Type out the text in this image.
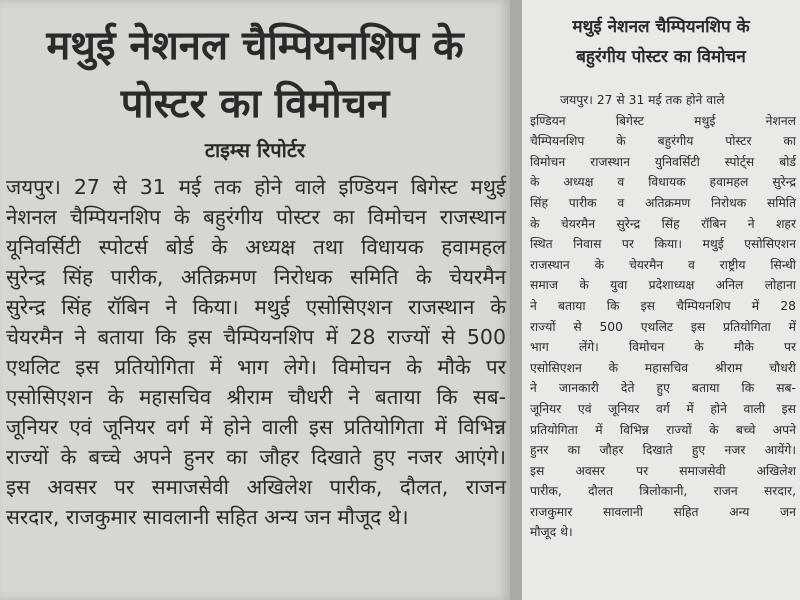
मथुई नेशनल चैम्पियनशिप के
पोस्टर का विमोचन
टाइम्स रिपोर्टर
जयपुर। 27 से 31 मई तक होने वाले इण्डियन बिगेस्ट मथुई
नेशनल चैम्पियनशिप के बहुरंगीय पोस्टर का विमोचन राजस्थान
यूनिवर्सिटी स्पोटर्स बोर्ड के अध्यक्ष तथा विधायक हवामहल
सुरेन्द्र सिंह पारीक, अतिक्रमण निरोधक समिति के चेयरमैन
सुरेन्द्र सिंह रॉबिन ने किया। मथुई एसोसिएशन राजस्थान के
चेयरमैन ने बताया कि इस चैम्पियनशिप में 28 राज्यों से 500
एथलिट इस प्रतियोगिता में भाग लेगे। विमोचन के मौके पर
एसोसिएशन के महासचिव श्रीराम चौधरी ने बताया कि सब-
जूनियर एवं जूनियर वर्ग में होने वाली इस प्रतियोगिता में विभिन्न
राज्यों के बच्चे अपने हुनर का जौहर दिखाते हुए नजर आएंगे।
इस अवसर पर समाजसेवी अखिलेश पारीक, दौलत, राजन
सरदार, राजकुमार सावलानी सहित अन्य जन मौजूद थे।
मथुई नेशनल चैम्पियनशिप के
बहुरंगीय पोस्टर का विमोचन
जयपुर। 27 से 31 मई तक होने वाले
इण्डियन बिगेस्ट मथुई नेशनल
चैम्पियनशिप के बहुरंगीय पोस्टर का
विमोचन राजस्थान युनिवर्सिटी स्पोर्ट्स बोर्ड
के अध्यक्ष व विधायक हवामहल सुरेन्द्र
सिंह पारीक व अतिक्रमण निरोधक समिति
के चेयरमैन सुरेन्द्र सिंह रॉबिन ने शहर
स्थित निवास पर किया। मथुई एसोसिएशन
राजस्थान के चेयरमैन व राष्ट्रीय सिन्धी
समाज के युवा प्रदेशाध्यक्ष अनिल लोहाना
ने बताया कि इस चैम्पियनशिप में 28
राज्यों से 500 एथलिट इस प्रतियोगिता में
भाग लेंगे। विमोचन के मौके पर
एसोसिएशन के महासचिव श्रीराम चौधरी
ने जानकारी देते हुए बताया कि सब-
जूनियर एवं जूनियर वर्ग में होने वाली इस
प्रतियोगिता में विभिन्न राज्यों के बच्चे अपने
हुनर का जौहर दिखाते हुए नजर आयेंगे।
इस अवसर पर समाजसेवी अखिलेश
पारीक, दौलत त्रिलोकानी, राजन सरदार,
राजकुमार सावलानी सहित अन्य जन
मौजूद थे।
